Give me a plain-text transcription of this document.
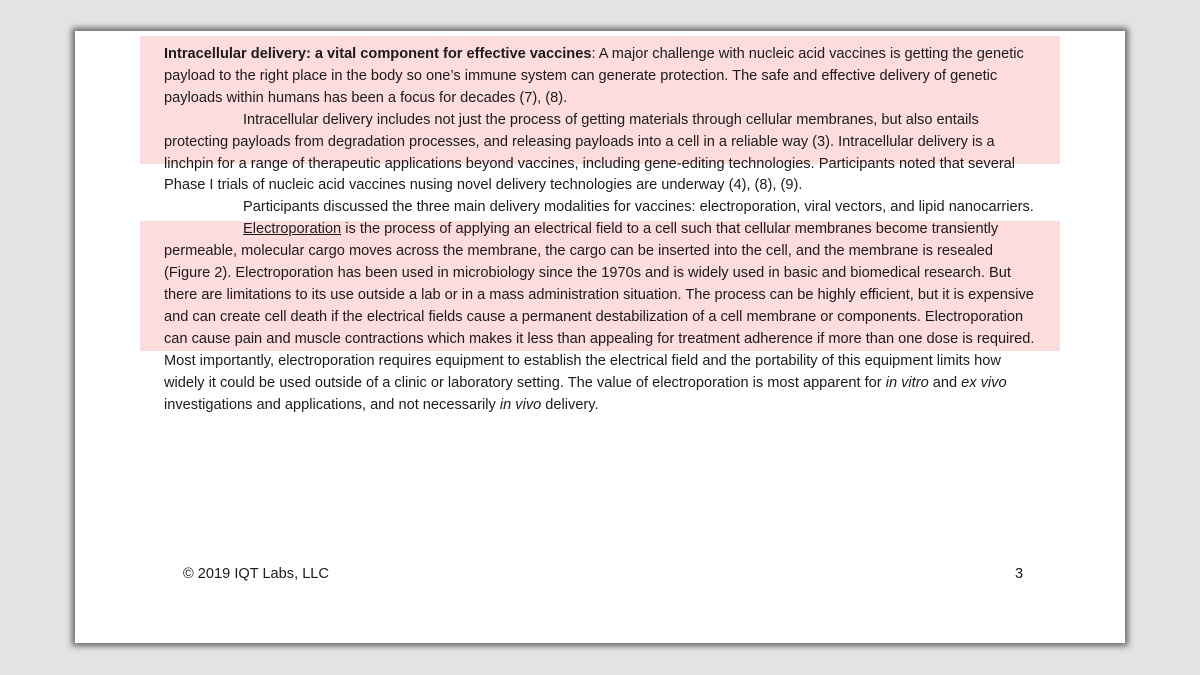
Intracellular delivery: a vital component for effective vaccines: A major challenge with nucleic acid vaccines is getting the genetic payload to the right place in the body so one’s immune system can generate protection. The safe and effective delivery of genetic payloads within humans has been a focus for decades (7), (8).

Intracellular delivery includes not just the process of getting materials through cellular membranes, but also entails protecting payloads from degradation processes, and releasing payloads into a cell in a reliable way (3). Intracellular delivery is a linchpin for a range of therapeutic applications beyond vaccines, including gene-editing technologies. Participants noted that several Phase I trials of nucleic acid vaccines nusing novel delivery technologies are underway (4), (8), (9).

Participants discussed the three main delivery modalities for vaccines: electroporation, viral vectors, and lipid nanocarriers.

Electroporation is the process of applying an electrical field to a cell such that cellular membranes become transiently permeable, molecular cargo moves across the membrane, the cargo can be inserted into the cell, and the membrane is resealed (Figure 2). Electroporation has been used in microbiology since the 1970s and is widely used in basic and biomedical research. But there are limitations to its use outside a lab or in a mass administration situation. The process can be highly efficient, but it is expensive and can create cell death if the electrical fields cause a permanent destabilization of a cell membrane or components. Electroporation can cause pain and muscle contractions which makes it less than appealing for treatment adherence if more than one dose is required. Most importantly, electroporation requires equipment to establish the electrical field and the portability of this equipment limits how widely it could be used outside of a clinic or laboratory setting. The value of electroporation is most apparent for in vitro and ex vivo investigations and applications, and not necessarily in vivo delivery.

© 2019 IQT Labs, LLC	3
